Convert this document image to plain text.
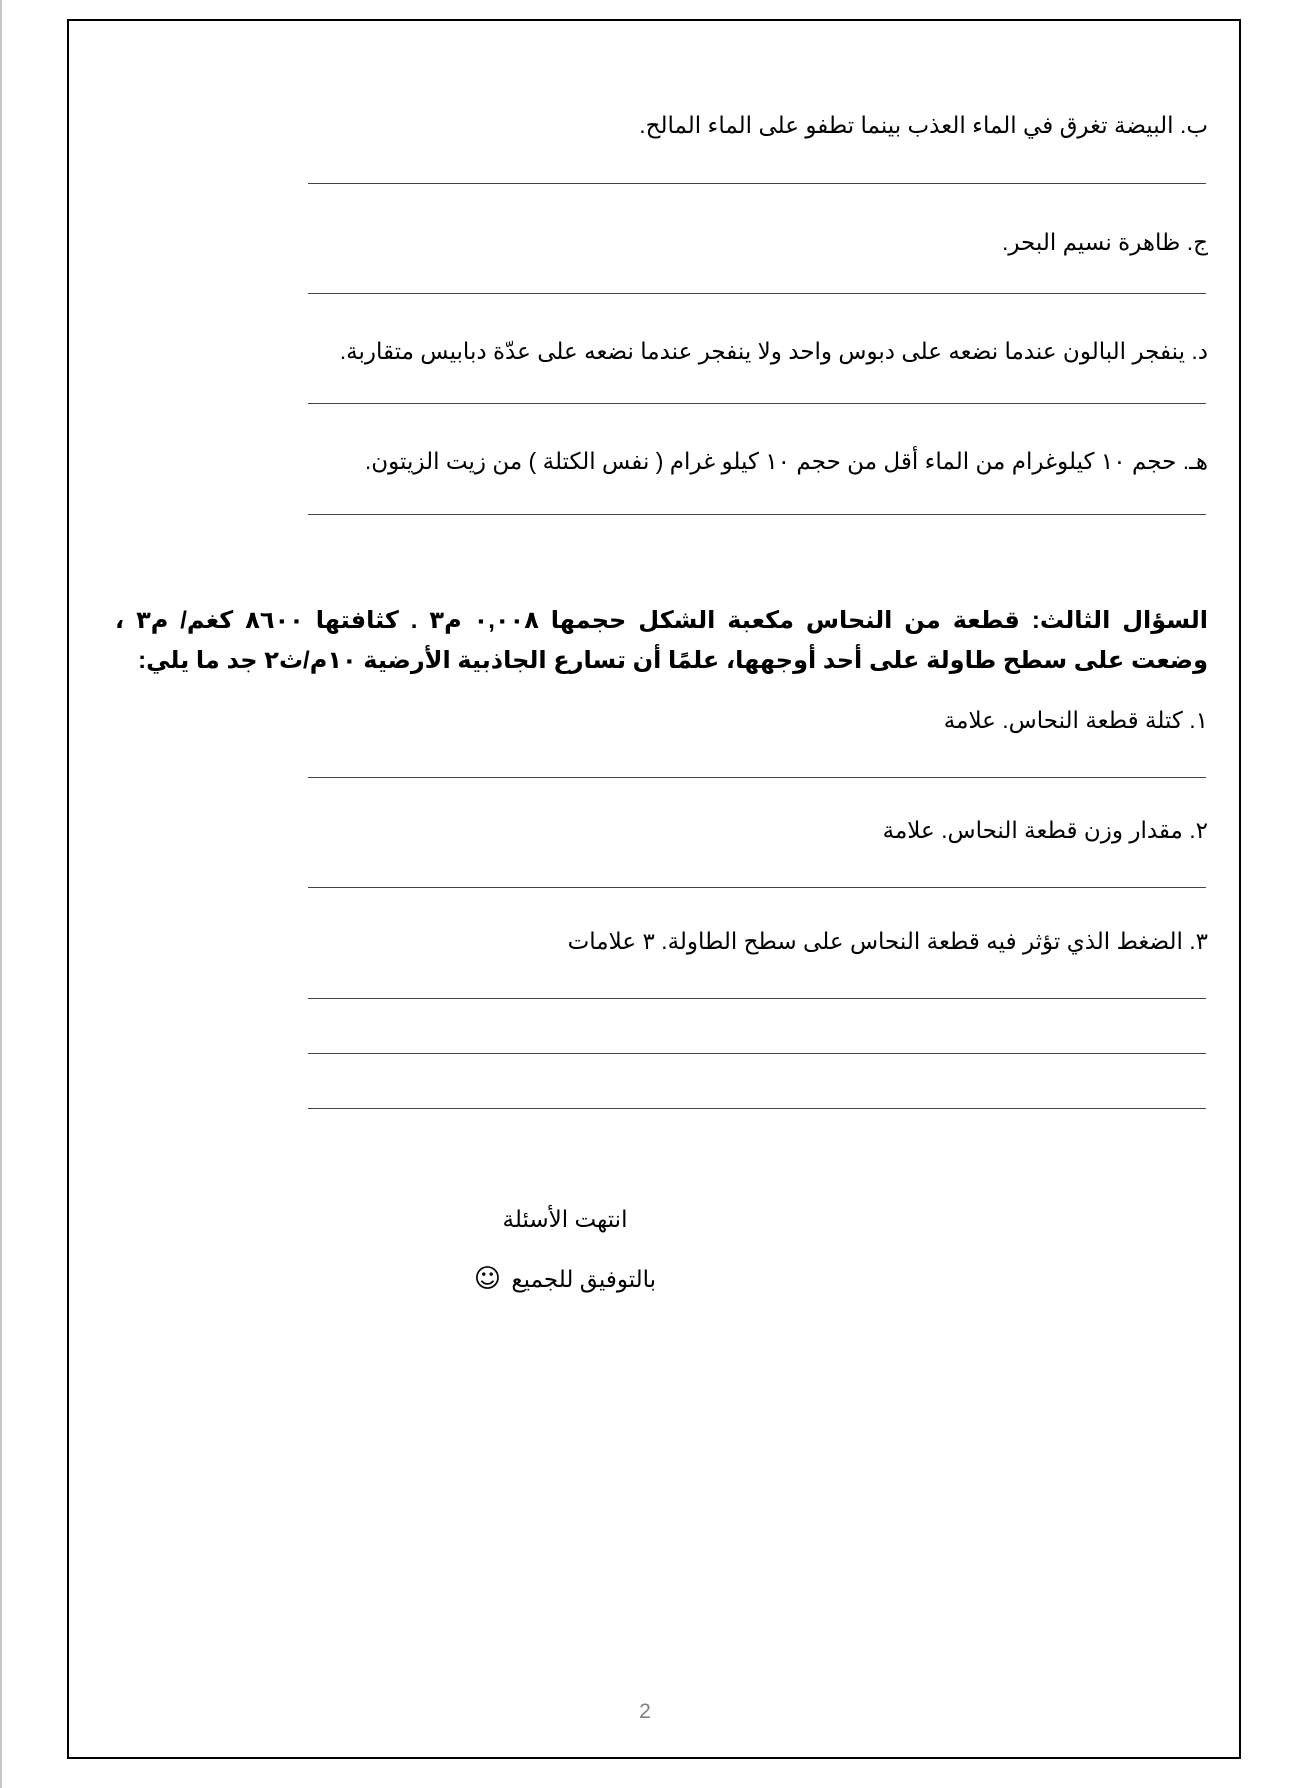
ب. البيضة تغرق في الماء العذب بينما تطفو على الماء المالح.
ج. ظاهرة نسيم البحر.
د. ينفجر البالون عندما نضعه على دبوس واحد ولا ينفجر عندما نضعه على عدّة دبابيس متقاربة.
هـ. حجم ١٠ كيلوغرام من الماء أقل من حجم ١٠ كيلو غرام ( نفس الكتلة ) من زيت الزيتون.
السؤال الثالث: قطعة من النحاس مكعبة الشكل حجمها ٠,٠٠٨ م٣ . كثافتها ٨٦٠٠ كغم/ م٣ ، وضعت على سطح طاولة على أحد أوجهها، علمًا أن تسارع الجاذبية الأرضية ١٠م/ث٢ جد ما يلي:
١. كتلة قطعة النحاس. علامة
٢. مقدار وزن قطعة النحاس. علامة
٣. الضغط الذي تؤثر فيه قطعة النحاس على سطح الطاولة. ٣ علامات
انتهت الأسئلة
بالتوفيق للجميع ☺
2
